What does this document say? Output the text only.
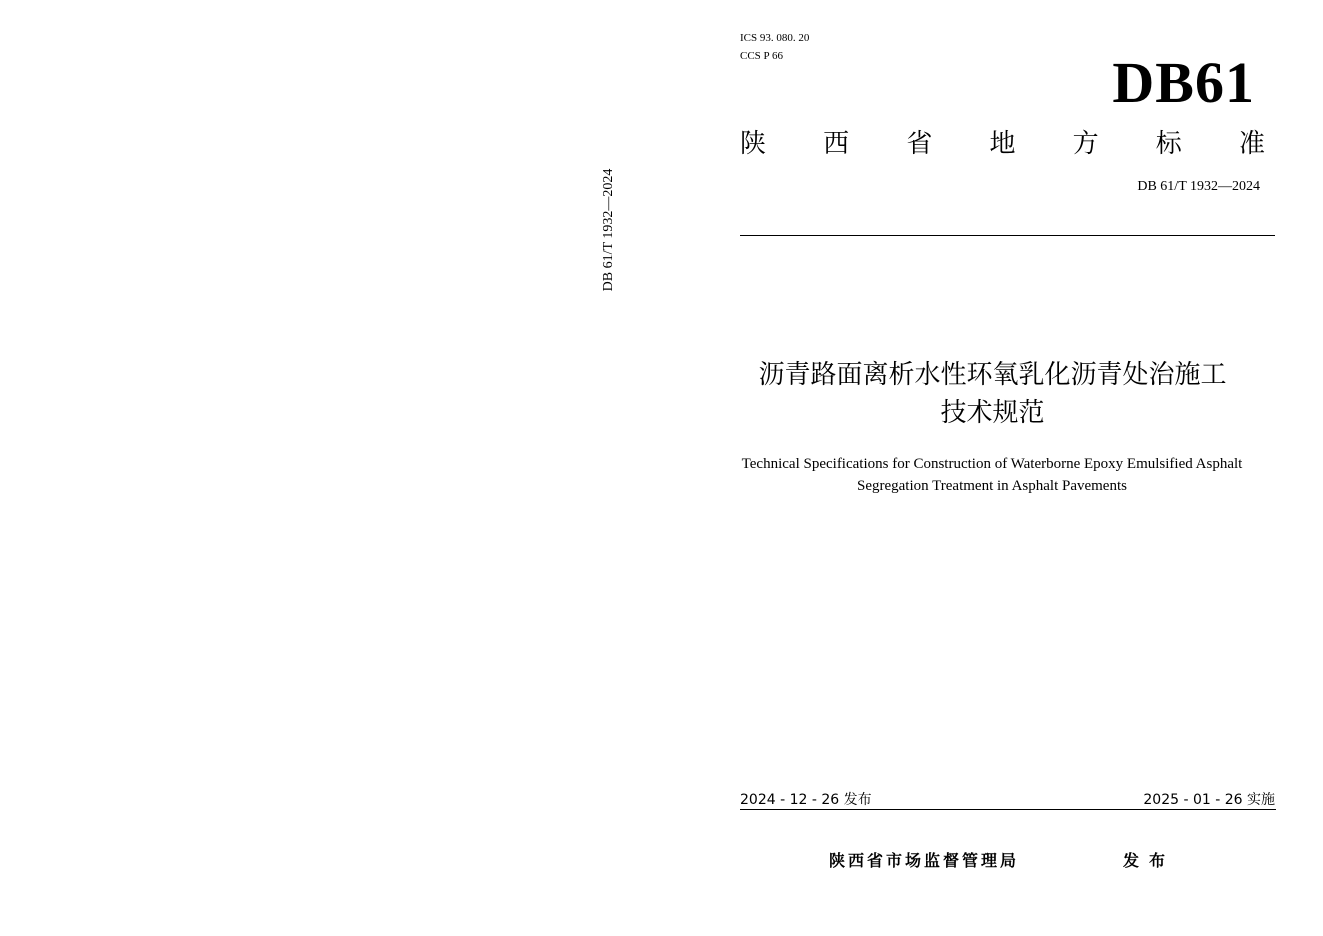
DB 61/T 1932—2024
ICS 93. 080. 20
CCS P 66	DB61
陕 西 省 地 方 标 准
DB 61/T 1932—2024
沥青路面离析水性环氧乳化沥青处治施工
技术规范
Technical Specifications for Construction of Waterborne Epoxy Emulsified Asphalt
Segregation Treatment in Asphalt Pavements
2024 - 12 - 26 发布	2025 - 01 - 26 实施
陕西省市场监督管理局	发布
